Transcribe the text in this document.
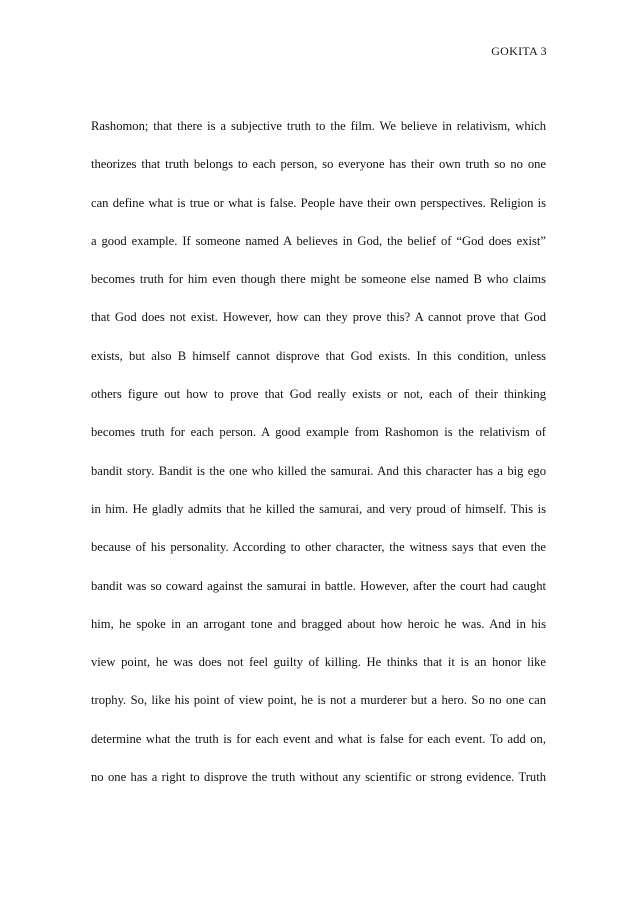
GOKITA 3
Rashomon; that there is a subjective truth to the film. We believe in relativism, which
theorizes that truth belongs to each person, so everyone has their own truth so no one
can define what is true or what is false. People have their own perspectives. Religion is
a good example. If someone named A believes in God, the belief of “God does exist”
becomes truth for him even though there might be someone else named B who claims
that God does not exist. However, how can they prove this? A cannot prove that God
exists, but also B himself cannot disprove that God exists. In this condition, unless
others figure out how to prove that God really exists or not, each of their thinking
becomes truth for each person. A good example from Rashomon is the relativism of
bandit story. Bandit is the one who killed the samurai. And this character has a big ego
in him. He gladly admits that he killed the samurai, and very proud of himself. This is
because of his personality. According to other character, the witness says that even the
bandit was so coward against the samurai in battle. However, after the court had caught
him, he spoke in an arrogant tone and bragged about how heroic he was. And in his
view point, he was does not feel guilty of killing. He thinks that it is an honor like
trophy. So, like his point of view point, he is not a murderer but a hero. So no one can
determine what the truth is for each event and what is false for each event. To add on,
no one has a right to disprove the truth without any scientific or strong evidence. Truth
